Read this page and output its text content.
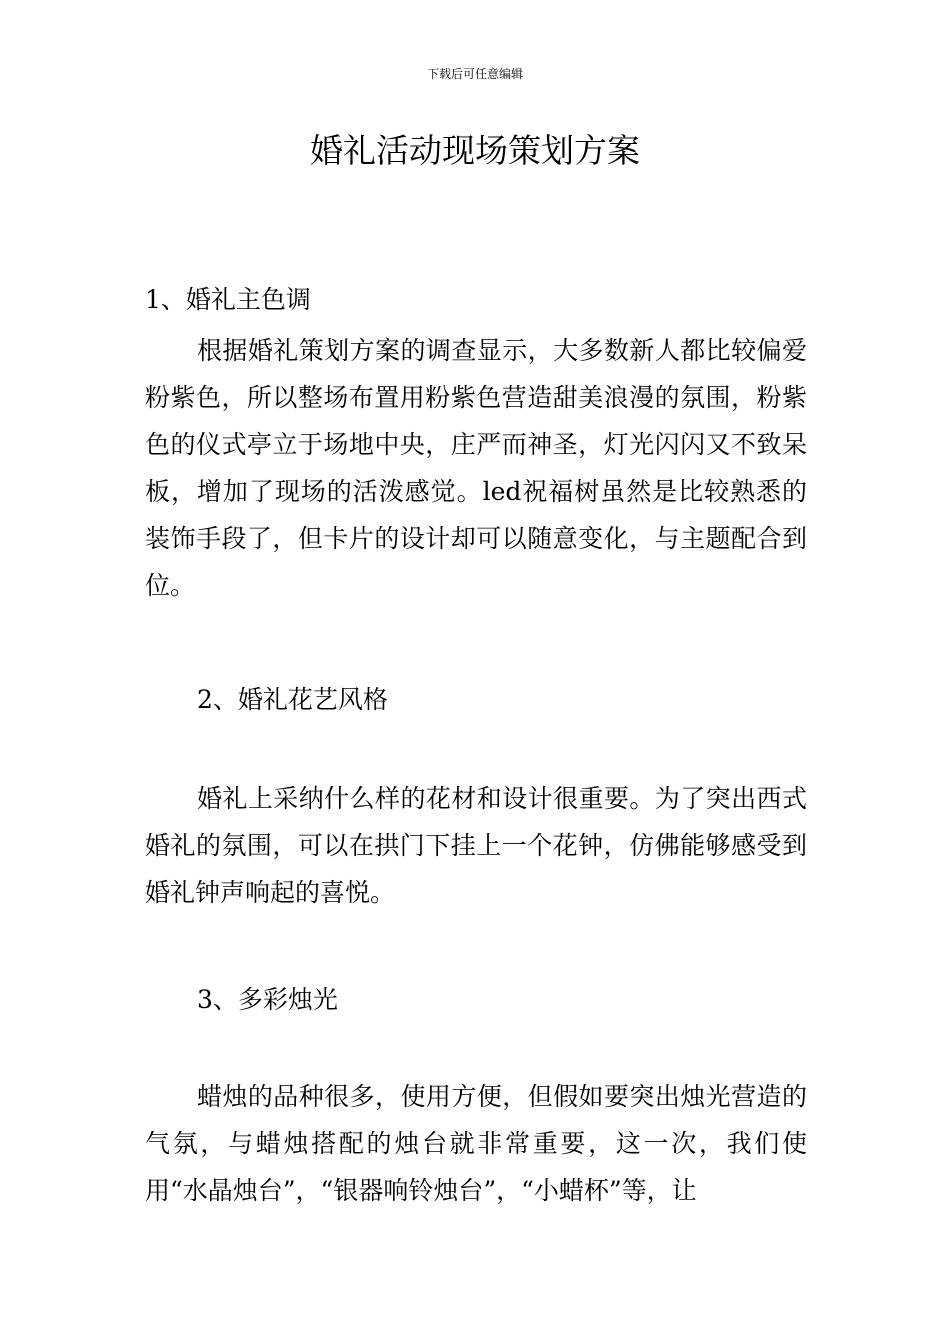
下载后可任意编辑
婚礼活动现场策划方案
1、婚礼主色调

根据婚礼策划方案的调查显示，大多数新人都比较偏爱粉紫色，所以整场布置用粉紫色营造甜美浪漫的氛围，粉紫色的仪式亭立于场地中央，庄严而神圣，灯光闪闪又不致呆板，增加了现场的活泼感觉。led祝福树虽然是比较熟悉的装饰手段了，但卡片的设计却可以随意变化，与主题配合到位。

2、婚礼花艺风格

婚礼上采纳什么样的花材和设计很重要。为了突出西式婚礼的氛围，可以在拱门下挂上一个花钟，仿佛能够感受到婚礼钟声响起的喜悦。

3、多彩烛光

蜡烛的品种很多，使用方便，但假如要突出烛光营造的气氛，与蜡烛搭配的烛台就非常重要，这一次，我们使用“水晶烛台”，“银器响铃烛台”，“小蜡杯”等，让
